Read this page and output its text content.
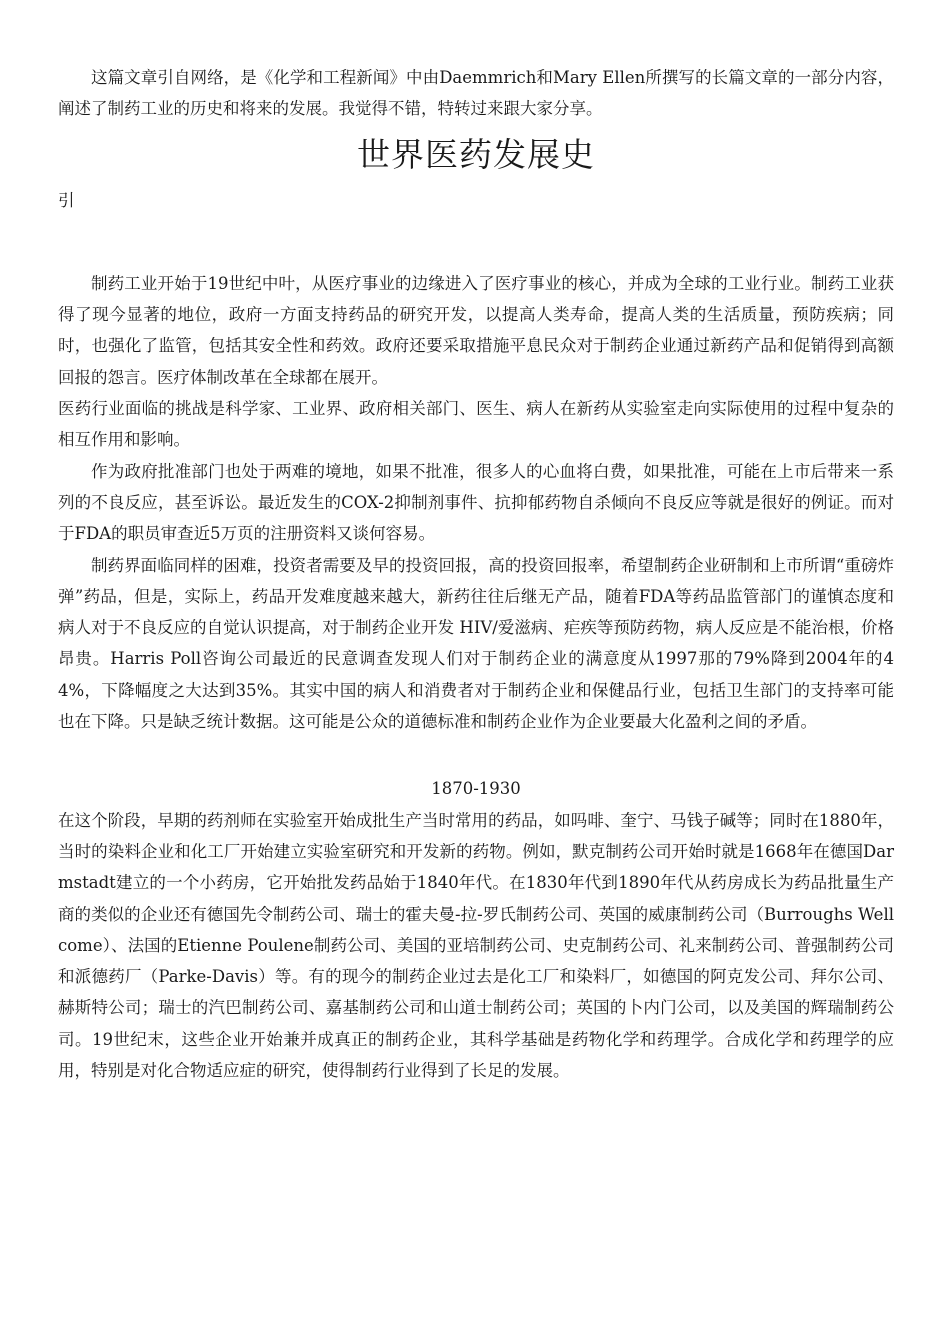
这篇文章引自网络，是《化学和工程新闻》中由Daemmrich和Mary Ellen所撰写的长篇文章的一部分内容，阐述了制药工业的历史和将来的发展。我觉得不错，特转过来跟大家分享。

世界医药发展史

引

制药工业开始于19世纪中叶，从医疗事业的边缘进入了医疗事业的核心，并成为全球的工业行业。制药工业获得了现今显著的地位，政府一方面支持药品的研究开发，以提高人类寿命，提高人类的生活质量，预防疾病；同时，也强化了监管，包括其安全性和药效。政府还要采取措施平息民众对于制药企业通过新药产品和促销得到高额回报的怨言。医疗体制改革在全球都在展开。

医药行业面临的挑战是科学家、工业界、政府相关部门、医生、病人在新药从实验室走向实际使用的过程中复杂的相互作用和影响。

作为政府批准部门也处于两难的境地，如果不批准，很多人的心血将白费，如果批准，可能在上市后带来一系列的不良反应，甚至诉讼。最近发生的COX-2抑制剂事件、抗抑郁药物自杀倾向不良反应等就是很好的例证。而对于FDA的职员审查近5万页的注册资料又谈何容易。

制药界面临同样的困难，投资者需要及早的投资回报，高的投资回报率，希望制药企业研制和上市所谓“重磅炸弹”药品，但是，实际上，药品开发难度越来越大，新药往往后继无产品，随着FDA等药品监管部门的谨慎态度和病人对于不良反应的自觉认识提高，对于制药企业开发 HIV/爱滋病、疟疾等预防药物，病人反应是不能治根，价格昂贵。Harris Poll咨询公司最近的民意调查发现人们对于制药企业的满意度从1997那的79%降到2004年的44%，下降幅度之大达到35%。其实中国的病人和消费者对于制药企业和保健品行业，包括卫生部门的支持率可能也在下降。只是缺乏统计数据。这可能是公众的道德标准和制药企业作为企业要最大化盈利之间的矛盾。

1870-1930

在这个阶段，早期的药剂师在实验室开始成批生产当时常用的药品，如吗啡、奎宁、马钱子碱等；同时在1880年，当时的染料企业和化工厂开始建立实验室研究和开发新的药物。例如，默克制药公司开始时就是1668年在德国Darmstadt建立的一个小药房，它开始批发药品始于1840年代。在1830年代到1890年代从药房成长为药品批量生产商的类似的企业还有德国先令制药公司、瑞士的霍夫曼-拉-罗氏制药公司、英国的威康制药公司（Burroughs Wellcome）、法国的Etienne Poulene制药公司、美国的亚培制药公司、史克制药公司、礼来制药公司、普强制药公司和派德药厂（Parke-Davis）等。有的现今的制药企业过去是化工厂和染料厂，如德国的阿克发公司、拜尔公司、赫斯特公司；瑞士的汽巴制药公司、嘉基制药公司和山道士制药公司；英国的卜内门公司，以及美国的辉瑞制药公司。19世纪末，这些企业开始兼并成真正的制药企业，其科学基础是药物化学和药理学。合成化学和药理学的应用，特别是对化合物适应症的研究，使得制药行业得到了长足的发展。
